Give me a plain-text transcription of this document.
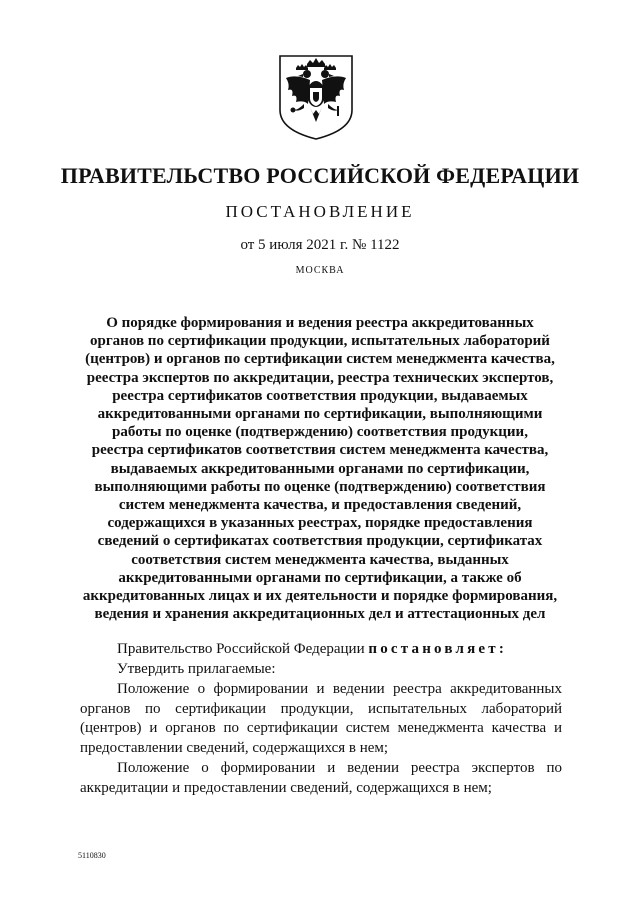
ПРАВИТЕЛЬСТВО РОССИЙСКОЙ ФЕДЕРАЦИИ
ПОСТАНОВЛЕНИЕ
от 5 июля 2021 г. № 1122
МОСКВА
О порядке формирования и ведения реестра аккредитованных
органов по сертификации продукции, испытательных лабораторий
(центров) и органов по сертификации систем менеджмента качества,
реестра экспертов по аккредитации, реестра технических экспертов,
реестра сертификатов соответствия продукции, выдаваемых
аккредитованными органами по сертификации, выполняющими
работы по оценке (подтверждению) соответствия продукции,
реестра сертификатов соответствия систем менеджмента качества,
выдаваемых аккредитованными органами по сертификации,
выполняющими работы по оценке (подтверждению) соответствия
систем менеджмента качества, и предоставления сведений,
содержащихся в указанных реестрах, порядке предоставления
сведений о сертификатах соответствия продукции, сертификатах
соответствия систем менеджмента качества, выданных
аккредитованными органами по сертификации, а также об
аккредитованных лицах и их деятельности и порядке формирования,
ведения и хранения аккредитационных дел и аттестационных дел

Правительство Российской Федерации постановляет:

Утвердить прилагаемые:

Положение о формировании и ведении реестра аккредитованных органов по сертификации продукции, испытательных лабораторий (центров) и органов по сертификации систем менеджмента качества и предоставлении сведений, содержащихся в нем;

Положение о формировании и ведении реестра экспертов по аккредитации и предоставлении сведений, содержащихся в нем;

5110830
